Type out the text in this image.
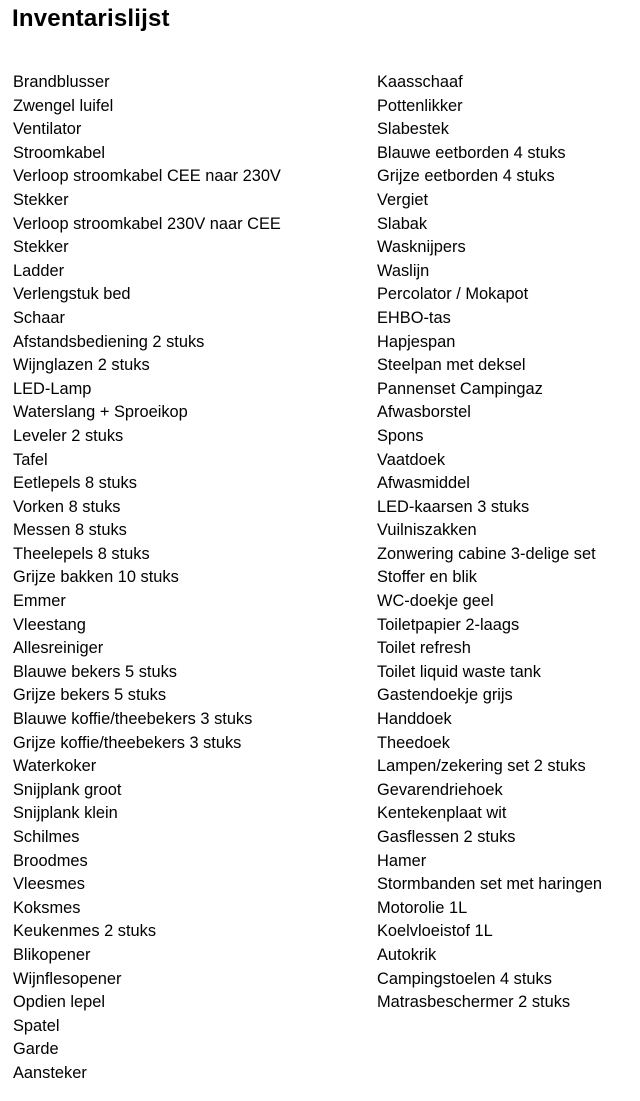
Inventarislijst
Brandblusser
Zwengel luifel
Ventilator
Stroomkabel
Verloop stroomkabel CEE naar 230V
Stekker
Verloop stroomkabel 230V naar CEE
Stekker
Ladder
Verlengstuk bed
Schaar
Afstandsbediening 2 stuks
Wijnglazen 2 stuks
LED-Lamp
Waterslang + Sproeikop
Leveler 2 stuks
Tafel
Eetlepels 8 stuks
Vorken 8 stuks
Messen 8 stuks
Theelepels 8 stuks
Grijze bakken 10 stuks
Emmer
Vleestang
Allesreiniger
Blauwe bekers 5 stuks
Grijze bekers 5 stuks
Blauwe koffie/theebekers 3 stuks
Grijze koffie/theebekers 3 stuks
Waterkoker
Snijplank groot
Snijplank klein
Schilmes
Broodmes
Vleesmes
Koksmes
Keukenmes 2 stuks
Blikopener
Wijnflesopener
Opdien lepel
Spatel
Garde
Aansteker
Kaasschaaf
Pottenlikker
Slabestek
Blauwe eetborden 4 stuks
Grijze eetborden 4 stuks
Vergiet
Slabak
Wasknijpers
Waslijn
Percolator / Mokapot
EHBO-tas
Hapjespan
Steelpan met deksel
Pannenset Campingaz
Afwasborstel
Spons
Vaatdoek
Afwasmiddel
LED-kaarsen 3 stuks
Vuilniszakken
Zonwering cabine 3-delige set
Stoffer en blik
WC-doekje geel
Toiletpapier 2-laags
Toilet refresh
Toilet liquid waste tank
Gastendoekje grijs
Handdoek
Theedoek
Lampen/zekering set 2 stuks
Gevarendriehoek
Kentekenplaat wit
Gasflessen 2 stuks
Hamer
Stormbanden set met haringen
Motorolie 1L
Koelvloeistof 1L
Autokrik
Campingstoelen 4 stuks
Matrasbeschermer 2 stuks
